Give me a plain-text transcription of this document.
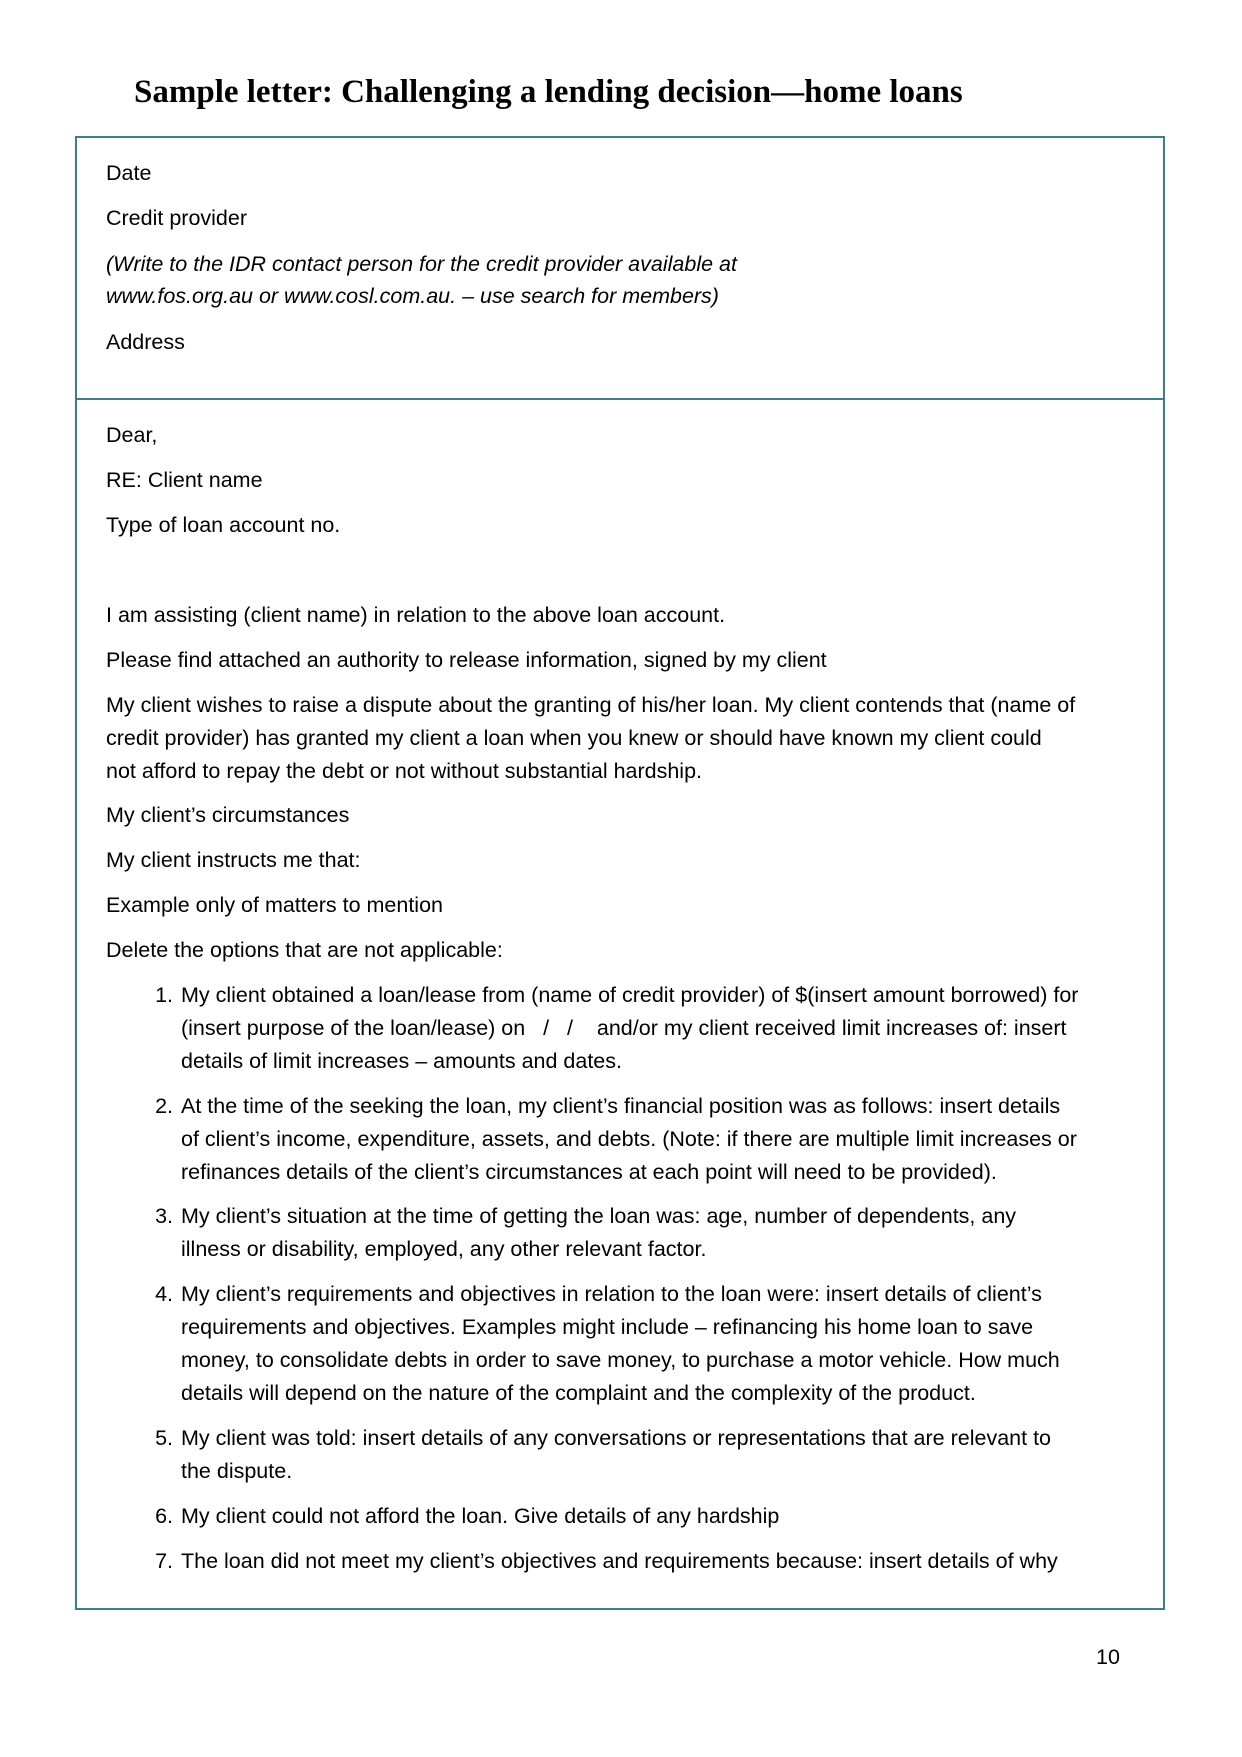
Sample letter: Challenging a lending decision—home loans

Date

Credit provider

(Write to the IDR contact person for the credit provider available at

www.fos.org.au or www.cosl.com.au. – use search for members)

Address

Dear,

RE: Client name

Type of loan account no.

I am assisting (client name) in relation to the above loan account.

Please find attached an authority to release information, signed by my client

My client wishes to raise a dispute about the granting of his/her loan. My client contends that (name of

credit provider) has granted my client a loan when you knew or should have known my client could

not afford to repay the debt or not without substantial hardship.

My client’s circumstances

My client instructs me that:

Example only of matters to mention

Delete the options that are not applicable:

1. My client obtained a loan/lease from (name of credit provider) of $(insert amount borrowed) for

(insert purpose of the loan/lease) on   /   /    and/or my client received limit increases of: insert

details of limit increases – amounts and dates.

2. At the time of the seeking the loan, my client’s financial position was as follows: insert details

of client’s income, expenditure, assets, and debts. (Note: if there are multiple limit increases or

refinances details of the client’s circumstances at each point will need to be provided).

3. My client’s situation at the time of getting the loan was: age, number of dependents, any

illness or disability, employed, any other relevant factor.

4. My client’s requirements and objectives in relation to the loan were: insert details of client’s

requirements and objectives. Examples might include – refinancing his home loan to save

money, to consolidate debts in order to save money, to purchase a motor vehicle. How much

details will depend on the nature of the complaint and the complexity of the product.

5. My client was told: insert details of any conversations or representations that are relevant to

the dispute.

6. My client could not afford the loan. Give details of any hardship

7. The loan did not meet my client’s objectives and requirements because: insert details of why

10
